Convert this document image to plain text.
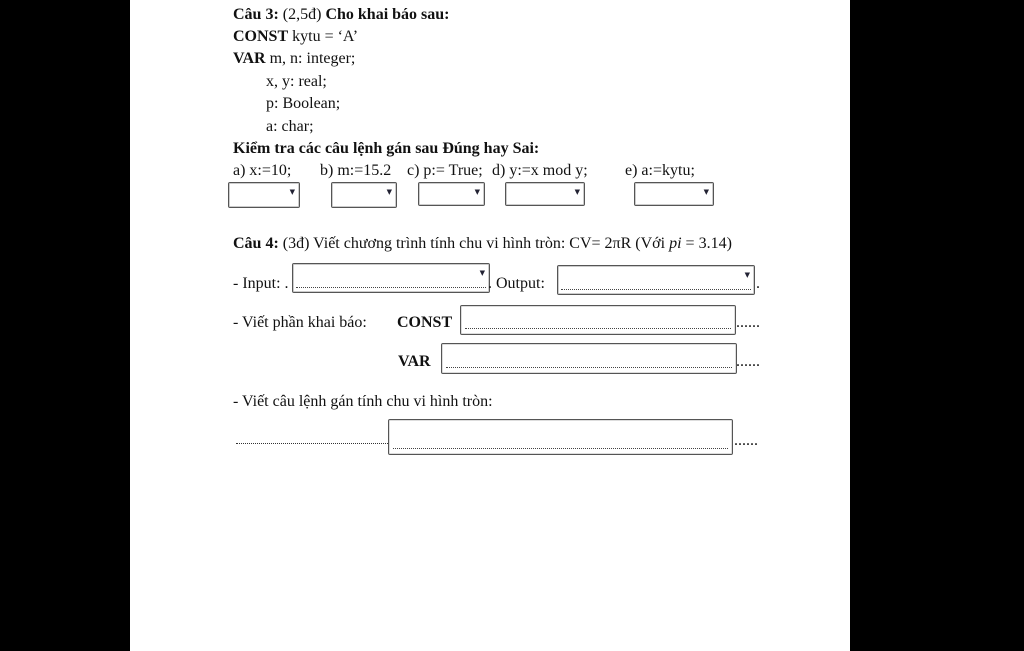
Câu 3: (2,5đ) Cho khai báo sau:
CONST kytu = ‘A’
VAR m, n: integer;
x, y: real;
p: Boolean;
a: char;
Kiểm tra các câu lệnh gán sau Đúng hay Sai:
a) x:=10; b) m:=15.2 c) p:= True; d) y:=x mod y; e) a:=kytu;
▼	▼	▼	▼	▼
Câu 4: (3đ) Viết chương trình tính chu vi hình tròn: CV= 2πR (Với pi = 3.14)
- Input: .
▼
. Output:	▼ .
- Viết phần khai báo: CONST	......
VAR	......
- Viết câu lệnh gán tính chu vi hình tròn:
......
